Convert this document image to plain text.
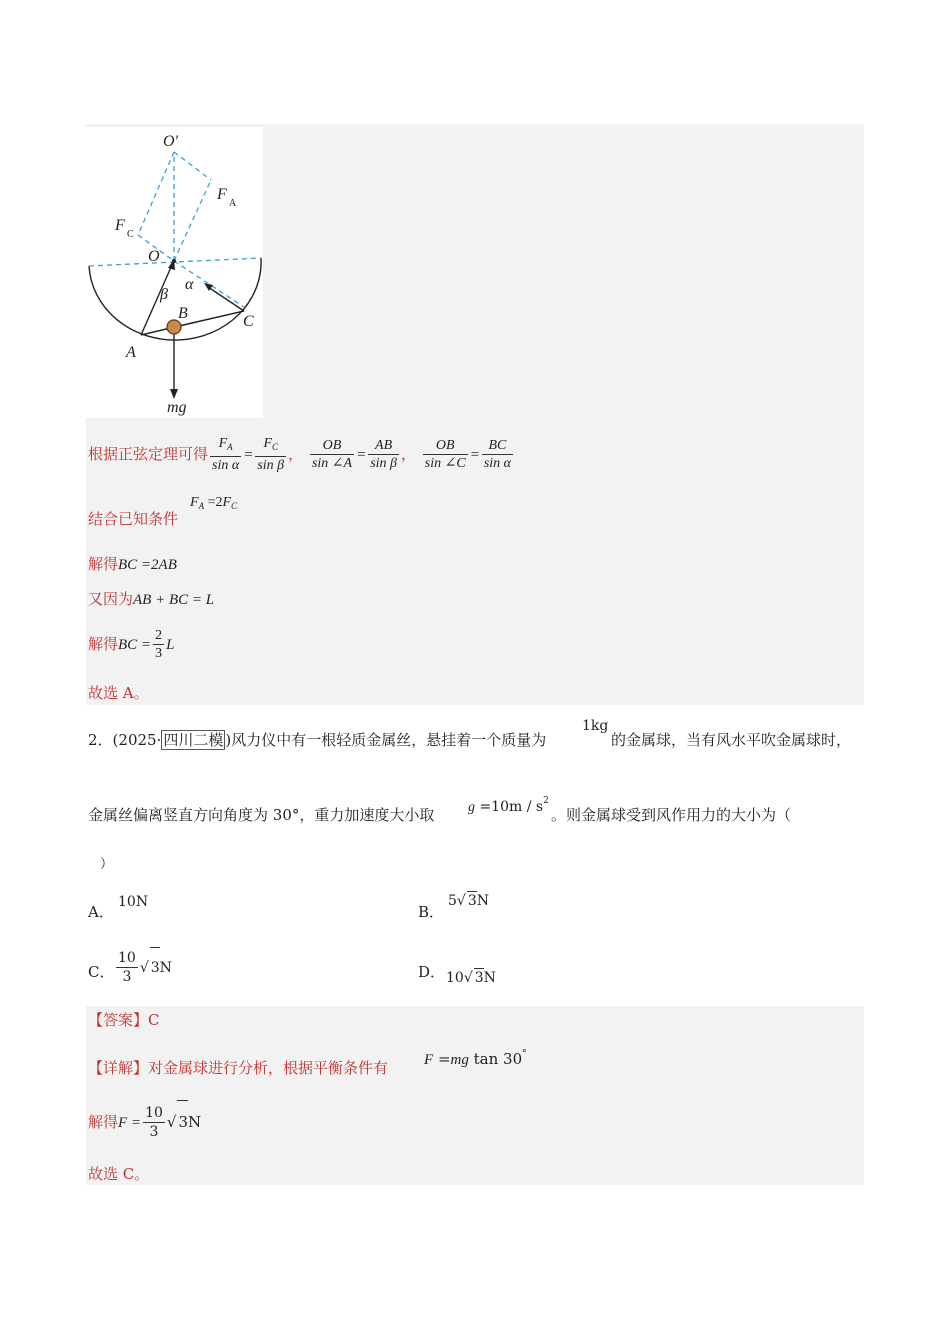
O′
F
A
F
C
O
α
β
B	C
A
mg
根据正弦定理可得 $\frac{F_A}{\text{sin α}} = \frac{F_C}{\text{sin β}}$ ， $\frac{OB}{\sin \angle A} = \frac{AB}{\text{sin β}}$ ， $\frac{OB}{\sin \angle C} = \frac{BC}{\text{sin α}}$
结合已知条件
$F_A =2F_C$
解得BC =2AB
又因为AB + BC = L
解得BC = $\frac{2}{3}$ L
故选 A。
2．(2025· 四川二模 )风力仪中有一根轻质金属丝，悬挂着一个质量为
1kg
的金属球，当有风水平吹金属球时，
金属丝偏离竖直方向角度为 30°，重力加速度大小取 $g =10m / s^2$
。则金属球受到风作用力的大小为（
）
A．
10N
B．
5√ 3N
C． $\frac{10}{3}$ √ 3N	D． 10√ 3N
【答案】C
【详解】对金属球进行分析，根据平衡条件有 F =mg tan 30°
解得$F = \frac{10}{3}$ √ 3N
故选 C。
